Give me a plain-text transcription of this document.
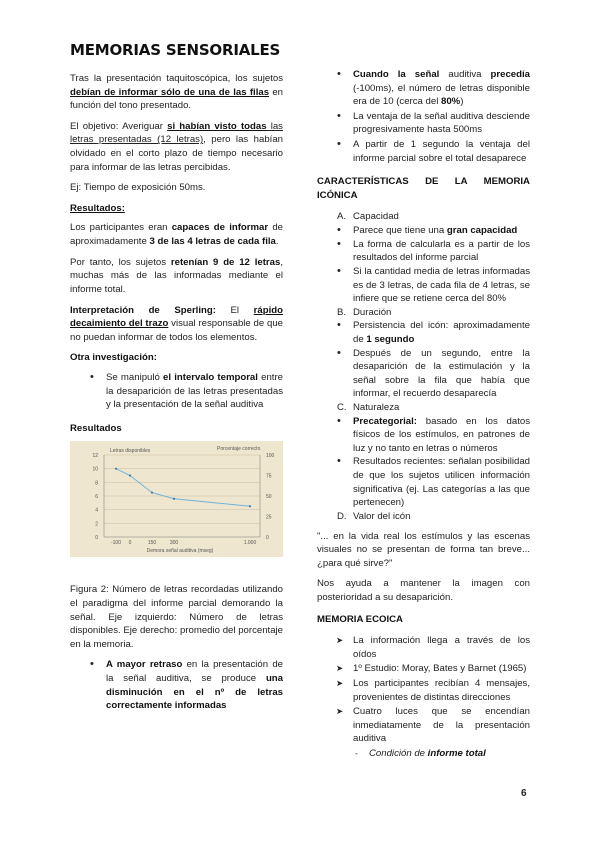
MEMORIAS SENSORIALES

Tras la presentación taquitoscópica, los sujetos debían de informar sólo de una de las filas en función del tono presentado.

El objetivo: Averiguar si habían visto todas las letras presentadas (12 letras), pero las habían olvidado en el corto plazo de tiempo necesario para informar de las letras percibidas.

Ej: Tiempo de exposición 50ms.

Resultados:

Los participantes eran capaces de informar de aproximadamente 3 de las 4 letras de cada fila.

Por tanto, los sujetos retenían 9 de 12 letras, muchas más de las informadas mediante el informe total.

Interpretación de Sperling: El rápido decaimiento del trazo visual responsable de que no puedan informar de todos los elementos.

Otra investigación:

• Se manipuló el intervalo temporal entre la desaparición de las letras presentadas y la presentación de la señal auditiva

Resultados

Letras disponibles	Porcentaje correcto
0
2
4
6
8
10
12
0
25
50
75
100
-100 0	150	300	1.000
Demora señal auditiva (mseg)

Figura 2: Número de letras recordadas utilizando el paradigma del informe parcial demorando la señal. Eje izquierdo: Número de letras disponibles. Eje derecho: promedio del porcentaje en la memoria.

• A mayor retraso en la presentación de la señal auditiva, se produce una disminución en el nº de letras correctamente informadas
• Cuando la señal auditiva precedía (-100ms), el número de letras disponible era de 10 (cerca del 80%)
• La ventaja de la señal auditiva desciende progresivamente hasta 500ms
• A partir de 1 segundo la ventaja del informe parcial sobre el total desaparece

CARACTERÍSTICAS DE LA MEMORIA ICÓNICA

A. Capacidad
• Parece que tiene una gran capacidad
• La forma de calcularla es a partir de los resultados del informe parcial
• Si la cantidad media de letras informadas es de 3 letras, de cada fila de 4 letras, se infiere que se retiene cerca del 80%
B. Duración
• Persistencia del icón: aproximadamente de 1 segundo
• Después de un segundo, entre la desaparición de la estimulación y la señal sobre la fila que había que informar, el recuerdo desaparecía
C. Naturaleza
• Precategorial: basado en los datos físicos de los estímulos, en patrones de luz y no tanto en letras o números
• Resultados recientes: señalan posibilidad de que los sujetos utilicen información significativa (ej. Las categorías a las que pertenecen)
D. Valor del icón

"... en la vida real los estímulos y las escenas visuales no se presentan de forma tan breve... ¿para qué sirve?"

Nos ayuda a mantener la imagen con posterioridad a su desaparición.

MEMORIA ECOICA

➤ La información llega a través de los oídos
➤ 1º Estudio: Moray, Bates y Barnet (1965)
➤ Los participantes recibían 4 mensajes, provenientes de distintas direcciones
➤ Cuatro luces que se encendían inmediatamente de la presentación auditiva
- Condición de informe total
6
